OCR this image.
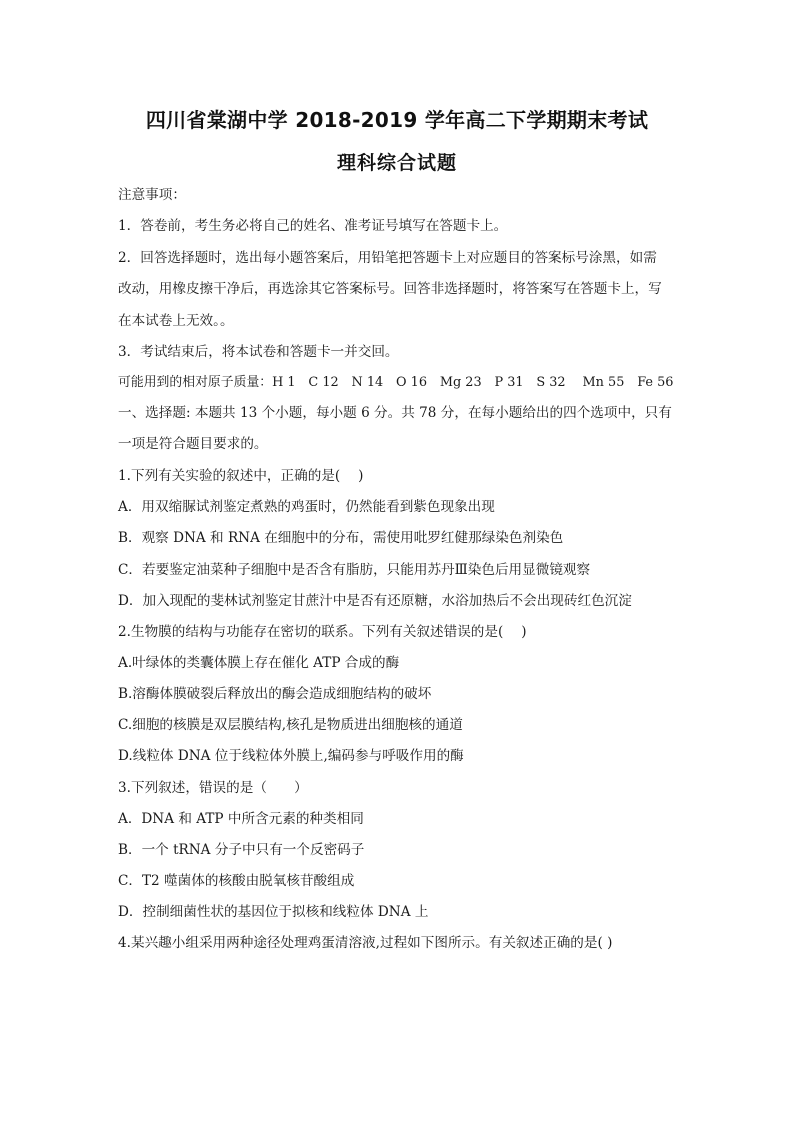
四川省棠湖中学 2018-2019 学年高二下学期期末考试
理科综合试题
注意事项：
1．答卷前，考生务必将自己的姓名、准考证号填写在答题卡上。
2．回答选择题时，选出每小题答案后，用铅笔把答题卡上对应题目的答案标号涂黑，如需
改动，用橡皮擦干净后，再选涂其它答案标号。回答非选择题时，将答案写在答题卡上，写
在本试卷上无效。。
3．考试结束后，将本试卷和答题卡一并交回。
可能用到的相对原子质量：H 1　C 12　N 14　O 16　Mg 23　P 31　S 32　 Mn 55　Fe 56
一、选择题: 本题共 13 个小题，每小题 6 分。共 78 分，在每小题给出的四个选项中，只有
一项是符合题目要求的。
1.下列有关实验的叙述中，正确的是(　 )
A．用双缩脲试剂鉴定煮熟的鸡蛋时，仍然能看到紫色现象出现
B．观察 DNA 和 RNA 在细胞中的分布，需使用吡罗红健那绿染色剂染色
C．若要鉴定油菜种子细胞中是否含有脂肪，只能用苏丹Ⅲ染色后用显微镜观察
D．加入现配的斐林试剂鉴定甘蔗汁中是否有还原糖，水浴加热后不会出现砖红色沉淀
2.生物膜的结构与功能存在密切的联系。下列有关叙述错误的是(　 )
A.叶绿体的类囊体膜上存在催化 ATP 合成的酶
B.溶酶体膜破裂后释放出的酶会造成细胞结构的破坏
C.细胞的核膜是双层膜结构,核孔是物质进出细胞核的通道
D.线粒体 DNA 位于线粒体外膜上,编码参与呼吸作用的酶
3.下列叙述，错误的是（　　）
A．DNA 和 ATP 中所含元素的种类相同
B．一个 tRNA 分子中只有一个反密码子
C．T2 噬菌体的核酸由脱氧核苷酸组成
D．控制细菌性状的基因位于拟核和线粒体 DNA 上
4.某兴趣小组采用两种途径处理鸡蛋清溶液,过程如下图所示。有关叙述正确的是( )
